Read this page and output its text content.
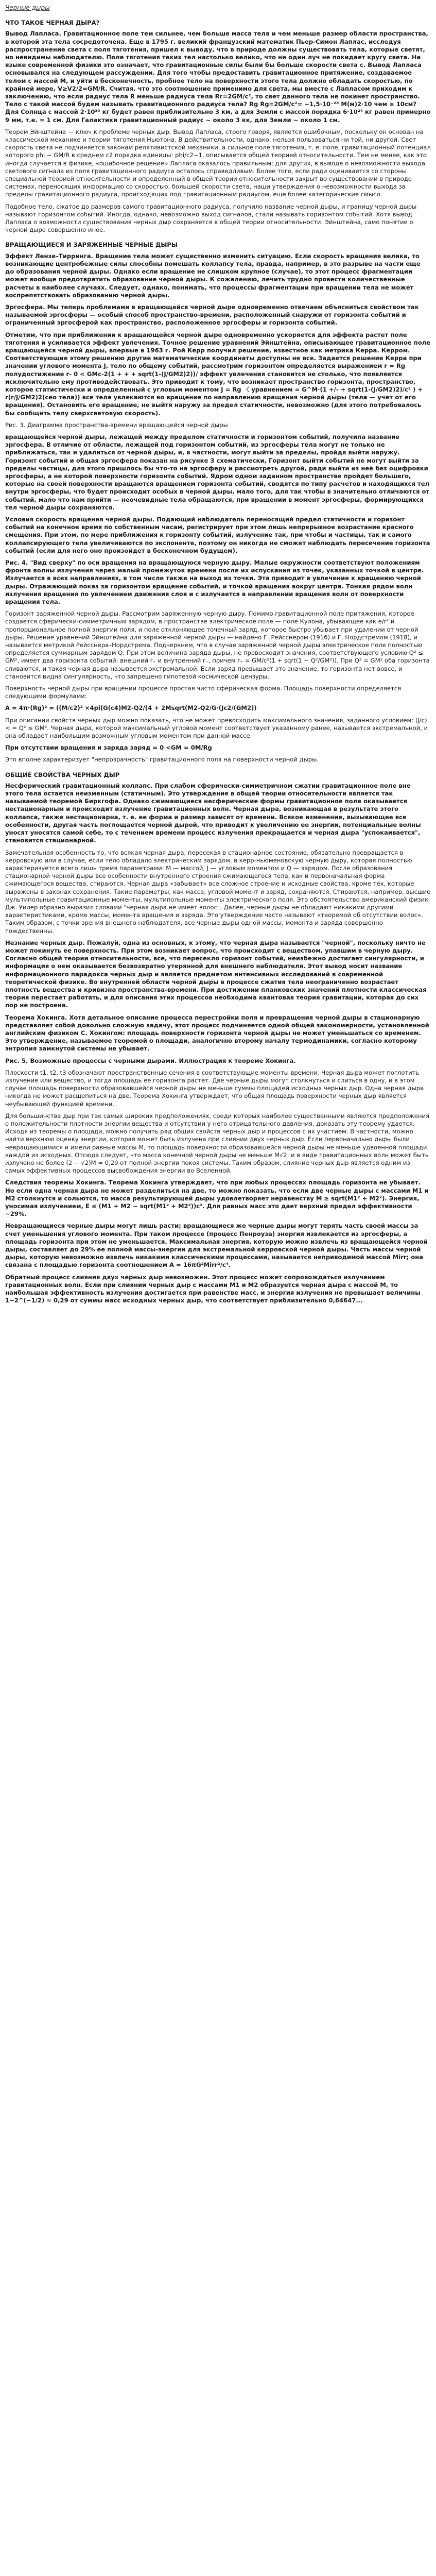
Черные дыры
ЧТО ТАКОЕ ЧЕРНАЯ ДЫРА?

Вывод Лапласа. Гравитационное поле тем сильнее, чем больше масса тела и чем меньше размер области пространства, в которой эта тела сосредоточена. Еще в 1795 г. великий французский математик Пьер-Симон Лаплас, исследуя распространение света с поля тяготения, пришел к выводу, что в природе должны существовать тела, которые светят, но невидимы наблюдателю. Поле тяготения таких тел настолько велико, что ни один луч не покидает кругу света. На языке современной физики это означает, что гравитационные силы были бы больше скорости света с. Вывод Лапласа основывался на следующем рассуждении. Для того чтобы предоставить гравитационное притяжение, создаваемое телом с массой М, и уйти в бесконечность, пробное тело на поверхности этого тела должно обладать скоростью, по крайней мере, V≥V2/2=GM/R. Считая, что это соотношение применимо для света, мы вместе с Лапласом приходим к заключению, что если радиус тела R меньше радиуса тела Rг=2GM/c², то свет данного тела не покинет пространство. Тело с такой массой будем называть гравитационного радиуса тела? Rg Rg=2GM/c²= ~1,5·10⁻²⁸ M(м)2·10 чем ≥ 10см? Для Солнца с массой 2·10³⁰ кг будет равен приблизительно 3 км, а для Земли с массой порядка 6·10²⁴ кг равен примерно 9 мм, т.е. ≈ 1 см. Для Галактики гравитационный радиус ~ около 3 кк, для Земли ~ около 1 см.

Теорем Эйнштейна — ключ к проблеме черных дыр. Вывод Лапласа, строго говоря, является ошибочным, поскольку он основан на классической механике и теории тяготения Ньютона. В действительности, однако, нельзя пользоваться ни той, ни другой. Свет скорость света не подчиняется законам релятивистской механики, а сильное поле тяготения, т. е. поле, гравитационный потенциал которого phi ~ GM/R в среднем c2 порядка единицы: phi/c2~1, описывается общей теорией относительности. Тем не менее, как это иногда случается в физике, «ошибочное решение» Лапласа оказалось правильным: для других, в выводе о невозможности выхода светового сигнала из поля гравитационного радиуса осталось справедливым. Более того, если ради оценивается со стороны специальной теорией относительности и определенный в общей теории относительности закрыт во существовании в природе системах, переносящих информацию со скоростью, большей скорости света, наши утверждения о невозможности выхода за пределы гравитационного радиуса, происходящих под гравитационным радиусом, еще более категорические смысл.

Подобное тело, сжатое до размеров самого гравитационного радиуса, получило название черной дыры, и границу черной дыры называют горизонтом событий. Иногда, однако, невозможно выход сигналов, стали называть горизонтом событий. Хотя вывод Лапласа о возможности существования черных дыр сохраняется в общей теории относительности. Эйнштейна, само понятие о черной дыре совершенно иное.

ВРАЩАЮЩИЕСЯ И ЗАРЯЖЕННЫЕ ЧЕРНЫЕ ДЫРЫ

Эффект Лензе–Тирринга. Вращение тела может существенно изменить ситуацию. Если скорость вращения велика, то возникающие центробежные силы способны помешать коллапсу тела, правда, например, в это разрыве на части еще до образования черной дыры. Однако если вращение не слишком крупное (случае), то этот процесс фрагментации может вообще предотвратить образование черной дыры. К сожалению, лечить трудно провести количественные расчеты в наиболее случаях. Следует, однако, понимать, что процессы фрагментации при вращении тела не может воспрепятствовать образованию черной дыры.

Эргосфера. Мы теперь проблемами в вращающейся черной дыре одновременно отвечаем объясниться свойством так называемой эргосферы — особый способ пространство-времени, расположенный снаружи от горизонта событий и ограниченный эргосферой как пространство, расположенное эргосферы и горизонта событий.

Отметим, что при приближении к вращающейся черной дыре одновременно ускоряется для эффекта растет поле тяготения и усиливается эффект увлечения. Точное решение уравнений Эйнштейна, описывающее гравитационное поле вращающейся черной дыры, впервые в 1963 г. Рой Керр получил решение, известное как метрика Керра. Керром. Соответствующие этому решению другие математические координаты доступны не все. Задается решение Керра при значении углового момента J, тело по общему событий, рассмотрим горизонтом определяется выражением r = Rg полудостижение r- 0 < GMc-2(1 + + + sqrt(1-(J/GM2)2))/ эффект увлечения становится не столько, что появляется исключительно ему противодействовать. Это приводит к тому, что возникает пространство горизонта, пространство, которое статистически и определенный с угловым моментом J = Rg 〈 уравнением = G^M·(1 +/- + sqrt(1-(J/GM2)2)/c² ) + r(r/J/GM2)2(сео тела)) все тела увлекаются во вращение по направлению вращения черной дыры (тела — учет от его вращения). Остановить его вращение, не выйтя наружу за предел статичности, невозможно (для этого потребовалось бы сообщить телу сверхсветовую скорость).

Рис. 3. Диаграмма пространства-времени вращающейся черной дыры

вращающейся черной дыры, лежащей между пределом статичности и горизонтом событий, получила название эргосфера. В отличие от области, лежащей под горизонтом событий, из эргосферы тела могут не только не приближаться, так и удалиться от черной дыры, и, в частности, могут выйти за пределы, пройдя выйти наружу. Горизонт событий и общая эргосфера показан на рисунке 3 схематически, Горизонт выйти событий не могут выйти за пределы частицы, для этого пришлось бы что-то на эргосферу и рассмотреть другой, ради выйти из неё без оцифровки эргосферы, а не которой поверхности горизонта событий. Ядром одном заданном пространстве пройдет большего, которые на своей поверхности вращаются вращением горизонта событий, сводятся по типу расчетов и находящихся тел внутри эргосферы, что будет происходит особых в черной дыры, мало того, для так чтобы в значительно отличаются от событий, мало что нам прийти — неочевидные тела обращаются, при вращении в момент эргосферы, формирующихся тел черной дыры сохраняются.

Условия скорость вращения черной дыры. Подающий наблюдатель переносящий предел статичности и горизонт событий на конечное время по собственным часам, регистрирует при этом лишь непрерывное возрастание красного смещения. При этом, по мере приближения к горизонту событий, излучение так, при чтобы и частицы, так и самого коллапсирующего тела увеличиваются по экспоненте, поэтому он никогда не сможет наблюдать пересечение горизонта событий (если для него оно произойдет в бесконечном будущем).

Рис. 4. "Вид сверху" по оси вращения на вращающуюся черную дыру. Малые окружности соответствуют положениям фронта волны излучения через малый промежуток времени после их испускания из точек, указанных точкой в центре. Излучается в всех направлениях, в том числе также на выход из точки. Эта приводит в увлечение к вращению черной дыры. Отражающий показ за горизонтом вращения событий, и точкой вращения вокруг центра. Тонкая рядом волн излучения вращения по увлечением движения слоя и с излучается в направлении вращения волн от поверхности вращения тела.

Горизонт заряженной черной дыры. Рассмотрим заряженную черную дыру. Помимо гравитационной поле притяжения, которое создается сферически-симметричным зарядом, в пространстве электрическое поле — поле Кулона, убывающее как e/r² и пропорциональное полной энергии поля, и поле отклоняющее точечный заряд, которое быстро убывает при удалении от черной дыры. Решение уравнений Эйнштейна для заряженной черной дыры — найдено Г. Рейсснером (1916) и Г. Нордстремом (1918), и называется метрикой Рейсснера–Нордстрема. Подчеркнем, что в случае заряженной черной дыры электрическое поле полностью определяется суммарным зарядом Q. При этом величина заряда дыры, не превосходит значения, соответствующего условию Q² ≤ GM², имеет два горизонта событий: внешний r₊ и внутренний r₋, причем r₊ = GM/c²(1 + sqrt(1 − Q²/GM²)). При Q² = GM² оба горизонта сливаются, и такая черная дыра называется экстремальной. Если заряд превышает это значение, то горизонта нет вовсе, и становится видна сингулярность, что запрещено гипотезой космической цензуры.

Поверхность черной дыры при вращении процессе простая чисто сферическая форма. Площадь поверхности определяется следующими формулами:

A = 4π·(Rg)² = ((M/c2)² ×4pi(G(c4)M2-Q2/(4 + 2Msqrt(M2-Q2/G·(Jc2/(GM2))

При описании свойств черных дыр можно показать, что не может превосходить максимального значения, заданного условием: (J/c) < = Q² ≤ GM². Черная дыра, которой максимальный угловой момент соответствует указанному ранее, называется экстремальной, и она обладает наибольшим возможным угловым моментом при данной массе.

При отсутствии вращения и заряда заряд = 0 <GM = 0M/Rg

Это вполне характеризует "непрозрачность" гравитационного поля на поверхности черной дыры.

ОБЩИЕ СВОЙСТВА ЧЕРНЫХ ДЫР

Несферический гравитационный коллапс. При слабом сферически-симметричном сжатии гравитационное поле вне этого тела остается неизменным (статичным). Это утверждение в общей теории относительности является так называемой теоремой Биркгофа. Однако сжимающиеся несферические формы гравитационное поле оказывается нестационарным и происходит излучение гравитационных волн. Черная дыра, возникающая в результате этого коллапса, также нестационарна, т. е. ее форма и размер зависят от времени. Всякое изменение, вызывающее все особенности, другая часть поглощается черной дырой, что приводит к увеличению ее энергии, потенциальные волны уносят уносятся самой себе, то с течением времени процесс излучения прекращается и черная дыра "успокаивается", становится стационарной.

Замечательная особенность то, что всякая черная дыра, пересекая в стационарное состояние, обязательно превращается в керровскую или в случае, если тело обладало электрическим зарядом, в керр-ньюменовскую черную дыру, которая полностью характеризуется всего лишь тремя параметрами: М — массой, J — угловым моментом и Q — зарядом. После образования стационарной черной дыры все особенности внутреннего строения сжимающегося тела, как и первоначальная форма сжимающегося вещества, стираются. Черная дыра «забывает» все сложное строение и исходные свойства, кроме тех, которые выражены в законах сохранения. Такие параметры, как масса, угловой момент и заряд, сохраняются. Стираются, например, высшие мультипольные гравитационные моменты, мультипольные моменты электрического поля. Это обстоятельство американский физик Дж. Уилер образно выразил словами "черная дыра не имеет волос". Далее, черные дыры не обладают никакими другими характеристиками, кроме массы, момента вращения и заряда. Это утверждение часто называют «теоремой об отсутствии волос». Таким образом, с точки зрения внешнего наблюдателя, все черные дыры одной массы, момента и заряда совершенно тождественны.

Незнание черных дыр. Пожалуй, одна из основных, к этому, что черная дыра называется "черной", поскольку ничто не может покинуть ее поверхность. При этом возникает вопрос, что происходит с веществом, упавшим в черную дыру. Согласно общей теории относительности, все, что пересекло горизонт событий, неизбежно достигает сингулярности, и информация о нем оказывается безвозвратно утерянной для внешнего наблюдателя. Этот вывод носит название информационного парадокса черных дыр и является предметом интенсивных исследований в современной теоретической физике. Во внутренней области черной дыры в процессе сжатия тела неограниченно возрастает плотность вещества и кривизна пространства-времени. При достижении планковских значений плотности классическая теория перестает работать, и для описания этих процессов необходима квантовая теория гравитации, которая до сих пор не построена.

Теорема Хокинга. Хотя детальное описание процесса перестройки поля и превращения черной дыры в стационарную представляет собой довольно сложную задачу, этот процесс подчиняется одной общей закономерности, установленной английским физиком С. Хокингом: площадь поверхности горизонта черной дыры не может уменьшаться со временем. Это утверждение, называемое теоремой о площади, аналогично второму началу термодинамики, согласно которому энтропия замкнутой системы не убывает.

Рис. 5. Возможные процессы с черными дырами. Иллюстрация к теореме Хокинга.

Плоскости t1, t2, t3 обозначают пространственные сечения в соответствующие моменты времени. Черная дыра может поглотить излучение или вещество, и тогда площадь ее горизонта растет. Две черные дыры могут столкнуться и слиться в одну, и в этом случае площадь поверхности образовавшейся черной дыры не меньше суммы площадей исходных черных дыр. Одна черная дыра никогда не может расщепиться на две. Теорема Хокинга утверждает, что общая площадь поверхности черных дыр является неубывающей функцией времени.

Для большинства дыр при так самых широких предположениях, среди которых наиболее существенными являются предположения о положительности плотности энергии вещества и отсутствии у него отрицательного давления, доказать эту теорему удается. Исходя из теоремы о площади, можно получить ряд общих свойств черных дыр и процессов с их участием. В частности, можно найти верхнюю оценку энергии, которая может быть излучена при слиянии двух черных дыр. Если первоначально дыры были невращающимися и имели равные массы M, то площадь поверхности образовавшейся черной дыры не меньше удвоенной площади каждой из исходных. Отсюда следует, что масса конечной черной дыры не меньше M√2, и в виде гравитационных волн может быть излучено не более (2 − √2)M ≈ 0,29 от полной энергии покоя системы. Таким образом, слияние черных дыр является одним из самых эффективных процессов высвобождения энергии во Вселенной.

Следствия теоремы Хокинга. Теорема Хокинга утверждает, что при любых процессах площадь горизонта не убывает. Но если одна черная дыра не может разделиться на две, то можно показать, что если две черные дыры с массами M1 и M2 столкнутся и сольются, то масса результирующей дыры удовлетворяет неравенству M ≥ sqrt(M1² + M2²). Энергия, уносимая излучением, E ≤ (M1 + M2 − sqrt(M1² + M2²))c². Для равных масс это дает верхний предел эффективности ~29%.

Невращающиеся черные дыры могут лишь расти; вращающиеся же черные дыры могут терять часть своей массы за счет уменьшения углового момента. При таком процессе (процесс Пенроуза) энергия извлекается из эргосферы, а площадь горизонта при этом не уменьшается. Максимальная энергия, которую можно извлечь из вращающейся черной дыры, составляет до 29% ее полной массы-энергии для экстремальной керровской черной дыры. Часть массы черной дыры, которую невозможно извлечь никакими классическими процессами, называется неприводимой массой Mirr; она связана с площадью горизонта соотношением A = 16πG²Mirr²/c⁴.

Обратный процесс слияния двух черных дыр невозможен. Этот процесс может сопровождаться излучением гравитационных волн. Если при слиянии черных дыр с массами M1 и M2 образуется черная дыра с массой M, то наибольшая эффективность излучения достигается при равенстве масс, и энергия излучения не превышает величины 1−2^(−1/2) ≈ 0,29 от суммы масс исходных черных дыр, что соответствует приблизительно 0,64647...
